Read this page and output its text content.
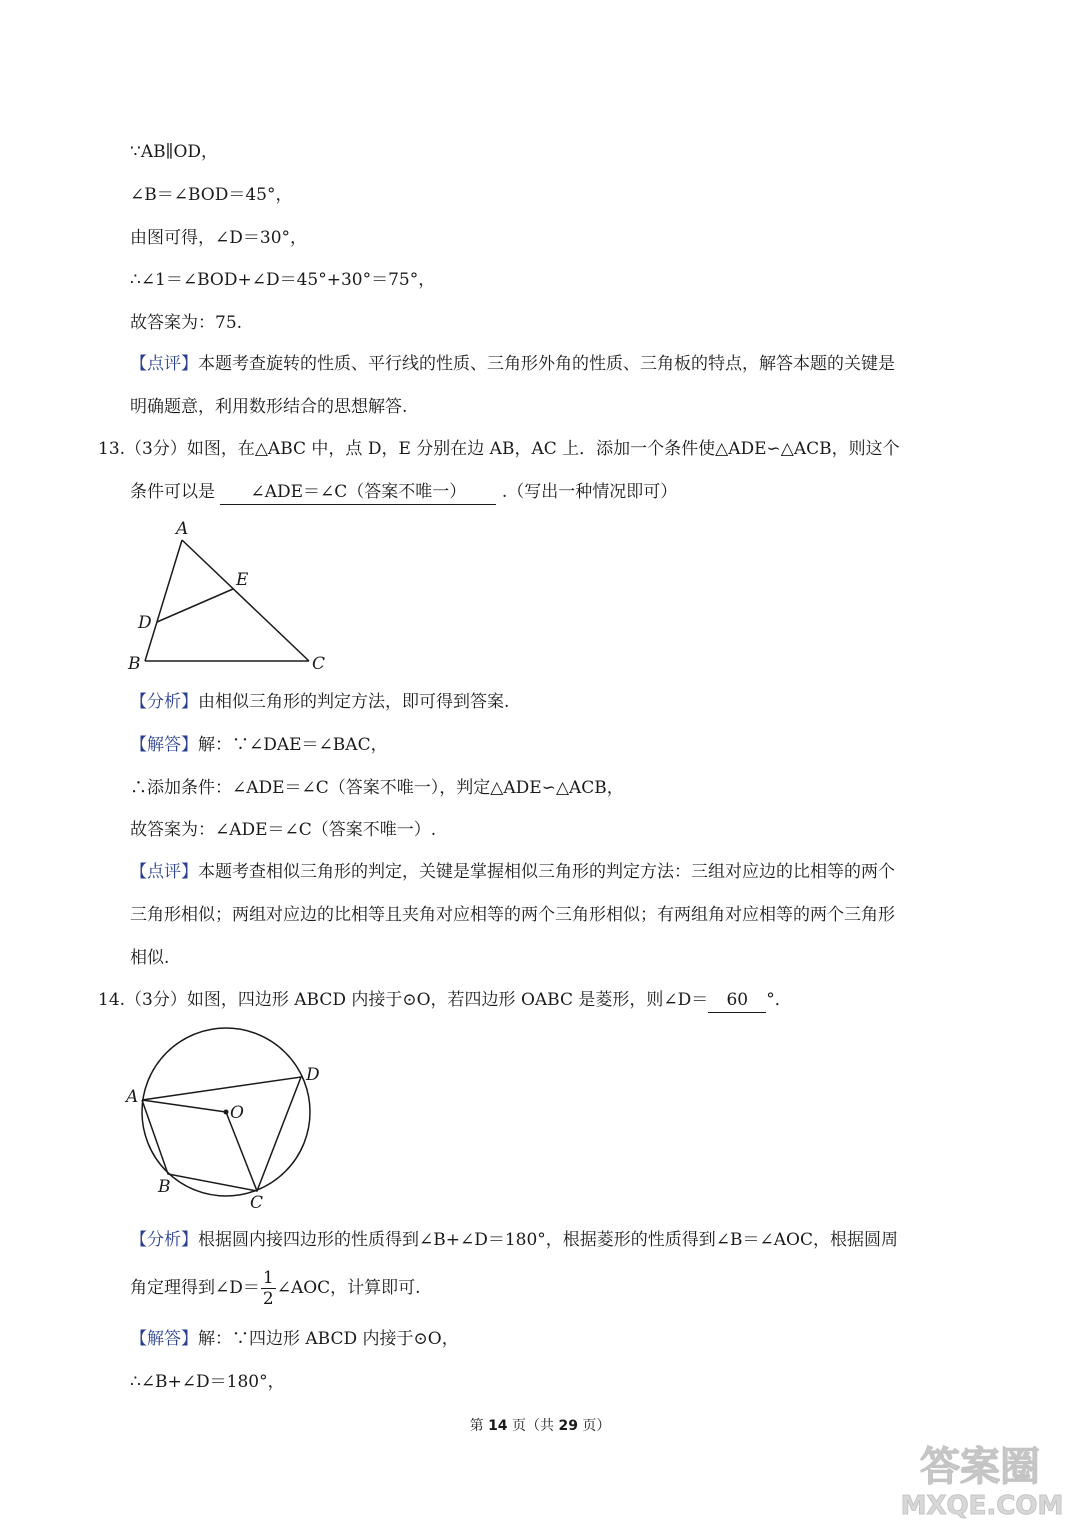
∵AB∥OD，
∠B＝∠BOD＝45°，
由图可得，∠D＝30°，
∴∠1＝∠BOD+∠D＝45°+30°＝75°，
故答案为：75.
【点评】本题考查旋转的性质、平行线的性质、三角形外角的性质、三角板的特点，解答本题的关键是
明确题意，利用数形结合的思想解答.
13.（3分）如图，在△ABC 中，点 D，E 分别在边 AB，AC 上．添加一个条件使△ADE∽△ACB，则这个
条件可以是 ∠ADE＝∠C（答案不唯一） .（写出一种情况即可）
A
E
D
B	C
【分析】由相似三角形的判定方法，即可得到答案.
【解答】解：∵∠DAE＝∠BAC，
∴添加条件：∠ADE＝∠C（答案不唯一），判定△ADE∽△ACB，
故答案为：∠ADE＝∠C（答案不唯一）.
【点评】本题考查相似三角形的判定，关键是掌握相似三角形的判定方法：三组对应边的比相等的两个
三角形相似；两组对应边的比相等且夹角对应相等的两个三角形相似；有两组角对应相等的两个三角形
相似.
14.（3分）如图，四边形 ABCD 内接于⊙O，若四边形 OABC 是菱形，则∠D＝ 60 °．
A
D
O
B
C
【分析】根据圆内接四边形的性质得到∠B+∠D＝180°，根据菱形的性质得到∠B＝∠AOC，根据圆周
角定理得到∠D＝ $\frac{1}{2}$ ∠AOC，计算即可.
【解答】解：∵四边形 ABCD 内接于⊙O，
∴∠B+∠D＝180°，
第 14 页（共 29 页）
答案圈
MXQE.COM
